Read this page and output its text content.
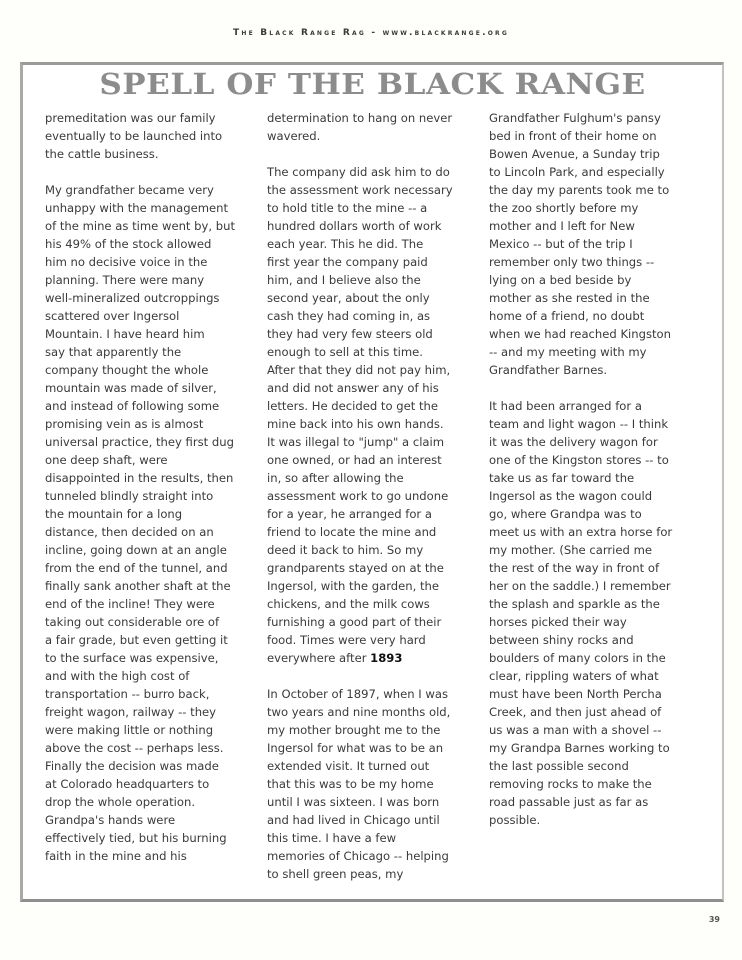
The Black Range Rag - www.blackrange.org
SPELL OF THE BLACK RANGE

premeditation was our family
eventually to be launched into
the cattle business.

My grandfather became very
unhappy with the management
of the mine as time went by, but
his 49% of the stock allowed
him no decisive voice in the
planning. There were many
well-mineralized outcroppings
scattered over Ingersol
Mountain. I have heard him
say that apparently the
company thought the whole
mountain was made of silver,
and instead of following some
promising vein as is almost
universal practice, they first dug
one deep shaft, were
disappointed in the results, then
tunneled blindly straight into
the mountain for a long
distance, then decided on an
incline, going down at an angle
from the end of the tunnel, and
finally sank another shaft at the
end of the incline! They were
taking out considerable ore of
a fair grade, but even getting it
to the surface was expensive,
and with the high cost of
transportation -- burro back,
freight wagon, railway -- they
were making little or nothing
above the cost -- perhaps less.
Finally the decision was made
at Colorado headquarters to
drop the whole operation.
Grandpa's hands were
effectively tied, but his burning
faith in the mine and his

determination to hang on never
wavered.

The company did ask him to do
the assessment work necessary
to hold title to the mine -- a
hundred dollars worth of work
each year. This he did. The
first year the company paid
him, and I believe also the
second year, about the only
cash they had coming in, as
they had very few steers old
enough to sell at this time.
After that they did not pay him,
and did not answer any of his
letters. He decided to get the
mine back into his own hands.
It was illegal to "jump" a claim
one owned, or had an interest
in, so after allowing the
assessment work to go undone
for a year, he arranged for a
friend to locate the mine and
deed it back to him. So my
grandparents stayed on at the
Ingersol, with the garden, the
chickens, and the milk cows
furnishing a good part of their
food. Times were very hard
everywhere after 1893

In October of 1897, when I was
two years and nine months old,
my mother brought me to the
Ingersol for what was to be an
extended visit. It turned out
that this was to be my home
until I was sixteen. I was born
and had lived in Chicago until
this time. I have a few
memories of Chicago -- helping
to shell green peas, my

Grandfather Fulghum's pansy
bed in front of their home on
Bowen Avenue, a Sunday trip
to Lincoln Park, and especially
the day my parents took me to
the zoo shortly before my
mother and I left for New
Mexico -- but of the trip I
remember only two things --
lying on a bed beside by
mother as she rested in the
home of a friend, no doubt
when we had reached Kingston
-- and my meeting with my
Grandfather Barnes.

It had been arranged for a
team and light wagon -- I think
it was the delivery wagon for
one of the Kingston stores -- to
take us as far toward the
Ingersol as the wagon could
go, where Grandpa was to
meet us with an extra horse for
my mother. (She carried me
the rest of the way in front of
her on the saddle.) I remember
the splash and sparkle as the
horses picked their way
between shiny rocks and
boulders of many colors in the
clear, rippling waters of what
must have been North Percha
Creek, and then just ahead of
us was a man with a shovel --
my Grandpa Barnes working to
the last possible second
removing rocks to make the
road passable just as far as
possible.

39
